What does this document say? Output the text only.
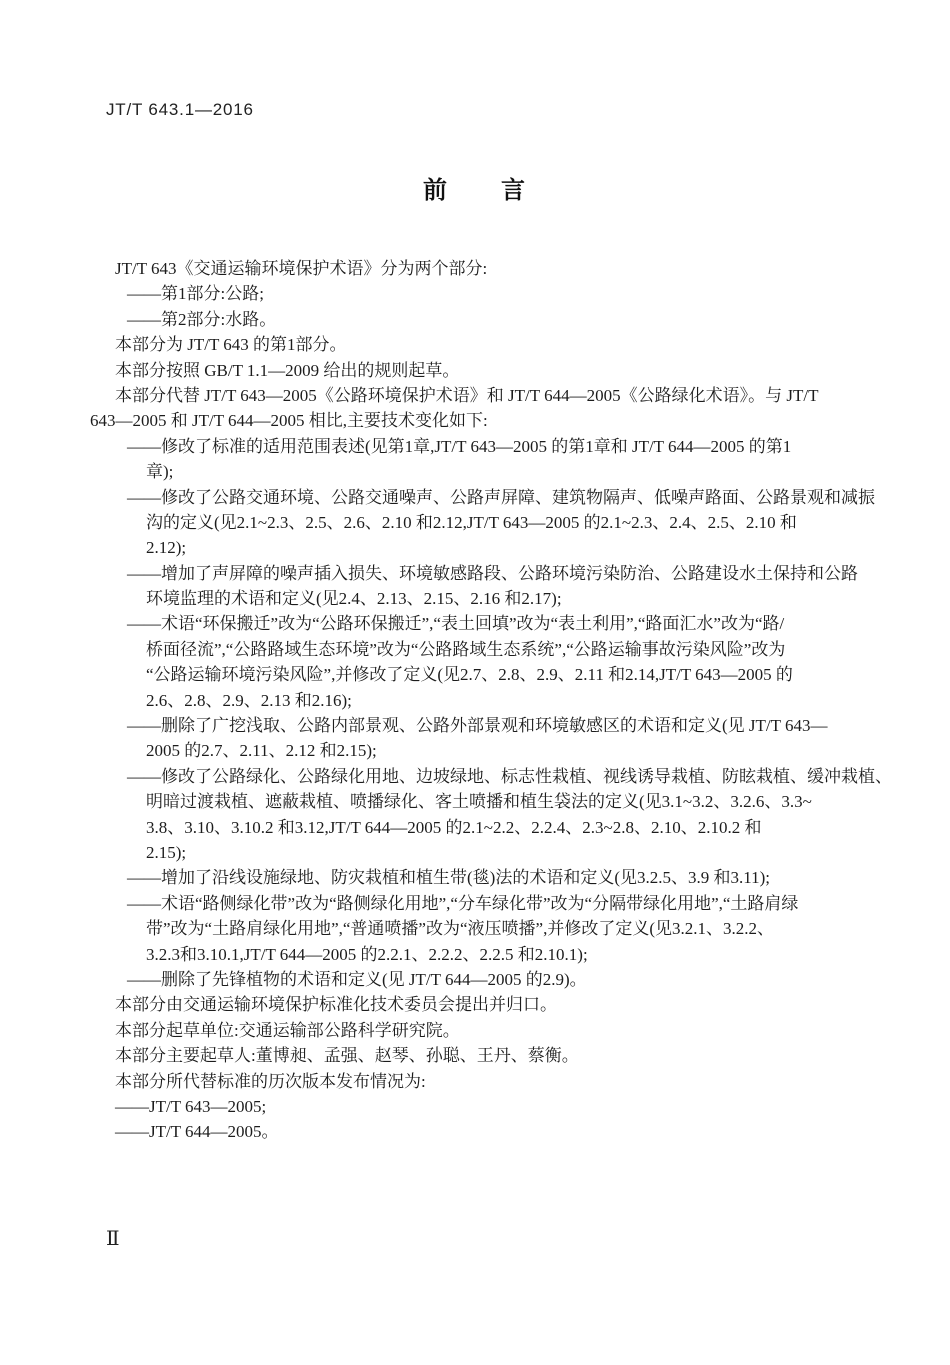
JT/T 643.1—2016
前　　言
JT/T 643《交通运输环境保护术语》分为两个部分:
——第1部分:公路;
——第2部分:水路。
本部分为 JT/T 643 的第1部分。
本部分按照 GB/T 1.1—2009 给出的规则起草。
本部分代替 JT/T 643—2005《公路环境保护术语》和 JT/T 644—2005《公路绿化术语》。与 JT/T
643—2005 和 JT/T 644—2005 相比,主要技术变化如下:
——修改了标准的适用范围表述(见第1章,JT/T 643—2005 的第1章和 JT/T 644—2005 的第1
章);
——修改了公路交通环境、公路交通噪声、公路声屏障、建筑物隔声、低噪声路面、公路景观和减振
沟的定义(见2.1~2.3、2.5、2.6、2.10 和2.12,JT/T 643—2005 的2.1~2.3、2.4、2.5、2.10 和
2.12);
——增加了声屏障的噪声插入损失、环境敏感路段、公路环境污染防治、公路建设水土保持和公路
环境监理的术语和定义(见2.4、2.13、2.15、2.16 和2.17);
——术语“环保搬迁”改为“公路环保搬迁”,“表土回填”改为“表土利用”,“路面汇水”改为“路/
桥面径流”,“公路路域生态环境”改为“公路路域生态系统”,“公路运输事故污染风险”改为
“公路运输环境污染风险”,并修改了定义(见2.7、2.8、2.9、2.11 和2.14,JT/T 643—2005 的
2.6、2.8、2.9、2.13 和2.16);
——删除了广挖浅取、公路内部景观、公路外部景观和环境敏感区的术语和定义(见 JT/T 643—
2005 的2.7、2.11、2.12 和2.15);
——修改了公路绿化、公路绿化用地、边坡绿地、标志性栽植、视线诱导栽植、防眩栽植、缓冲栽植、
明暗过渡栽植、遮蔽栽植、喷播绿化、客土喷播和植生袋法的定义(见3.1~3.2、3.2.6、3.3~
3.8、3.10、3.10.2 和3.12,JT/T 644—2005 的2.1~2.2、2.2.4、2.3~2.8、2.10、2.10.2 和
2.15);
——增加了沿线设施绿地、防灾栽植和植生带(毯)法的术语和定义(见3.2.5、3.9 和3.11);
——术语“路侧绿化带”改为“路侧绿化用地”,“分车绿化带”改为“分隔带绿化用地”,“土路肩绿
带”改为“土路肩绿化用地”,“普通喷播”改为“液压喷播”,并修改了定义(见3.2.1、3.2.2、
3.2.3和3.10.1,JT/T 644—2005 的2.2.1、2.2.2、2.2.5 和2.10.1);
——删除了先锋植物的术语和定义(见 JT/T 644—2005 的2.9)。
本部分由交通运输环境保护标准化技术委员会提出并归口。
本部分起草单位:交通运输部公路科学研究院。
本部分主要起草人:董博昶、孟强、赵琴、孙聪、王丹、蔡衡。
本部分所代替标准的历次版本发布情况为:
——JT/T 643—2005;
——JT/T 644—2005。
Ⅱ
